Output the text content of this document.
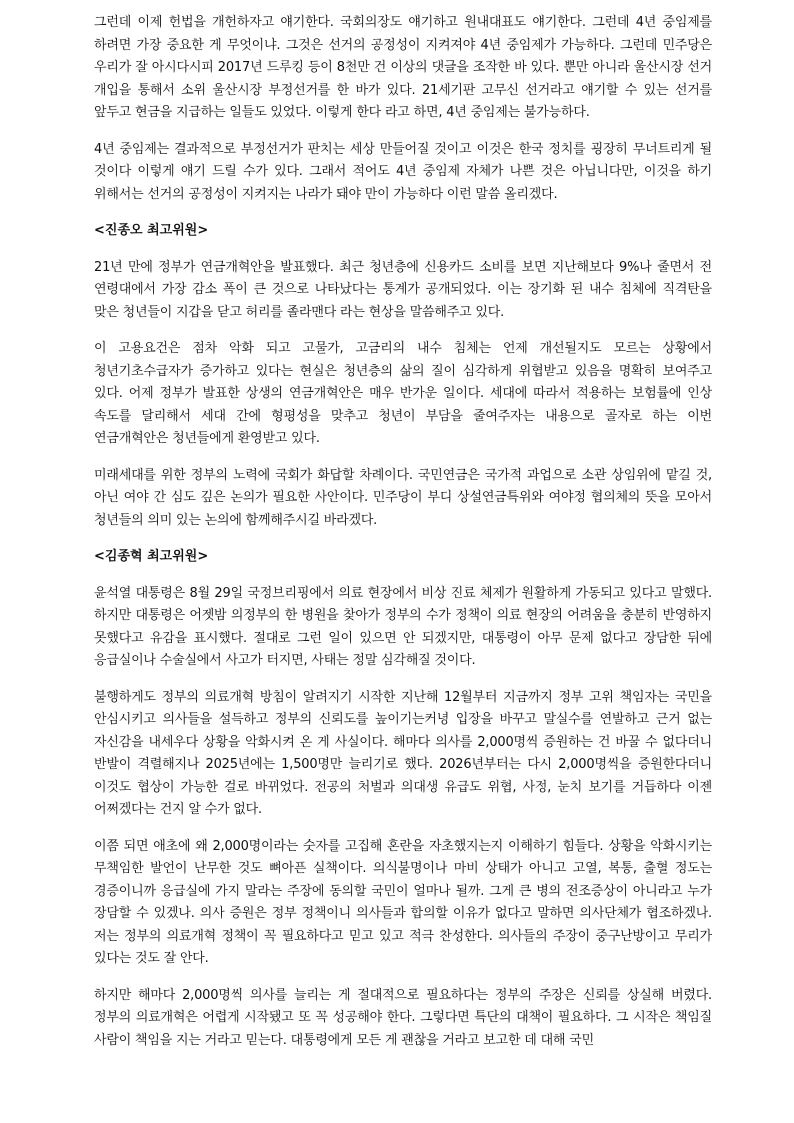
그런데 이제 헌법을 개헌하자고 얘기한다. 국회의장도 얘기하고 원내대표도 얘기한다. 그런데 4년 중임제를 하려면 가장 중요한 게 무엇이냐. 그것은 선거의 공정성이 지켜져야 4년 중임제가 가능하다. 그런데 민주당은 우리가 잘 아시다시피 2017년 드루킹 등이 8천만 건 이상의 댓글을 조작한 바 있다. 뿐만 아니라 울산시장 선거 개입을 통해서 소위 울산시장 부정선거를 한 바가 있다. 21세기판 고무신 선거라고 얘기할 수 있는 선거를 앞두고 현금을 지급하는 일들도 있었다. 이렇게 한다 라고 하면, 4년 중임제는 불가능하다.

4년 중임제는 결과적으로 부정선거가 판치는 세상 만들어질 것이고 이것은 한국 정치를 굉장히 무너트리게 될 것이다 이렇게 얘기 드릴 수가 있다. 그래서 적어도 4년 중임제 자체가 나쁜 것은 아닙니다만, 이것을 하기 위해서는 선거의 공정성이 지켜지는 나라가 돼야 만이 가능하다 이런 말씀 올리겠다.

<진종오 최고위원>

21년 만에 정부가 연금개혁안을 발표했다. 최근 청년층에 신용카드 소비를 보면 지난해보다 9%나 줄면서 전 연령대에서 가장 감소 폭이 큰 것으로 나타났다는 통계가 공개되었다. 이는 장기화 된 내수 침체에 직격탄을 맞은 청년들이 지갑을 닫고 허리를 졸라맨다 라는 현상을 말씀해주고 있다.

이 고용요건은 점차 악화 되고 고물가, 고금리의 내수 침체는 언제 개선될지도 모르는 상황에서 청년기초수급자가 증가하고 있다는 현실은 청년층의 삶의 질이 심각하게 위협받고 있음을 명확히 보여주고 있다. 어제 정부가 발표한 상생의 연금개혁안은 매우 반가운 일이다. 세대에 따라서 적용하는 보험률에 인상 속도를 달리해서 세대 간에 형평성을 맞추고 청년이 부담을 줄여주자는 내용으로 골자로 하는 이번 연금개혁안은 청년들에게 환영받고 있다.

미래세대를 위한 정부의 노력에 국회가 화답할 차례이다. 국민연금은 국가적 과업으로 소관 상임위에 맡길 것, 아닌 여야 간 심도 깊은 논의가 필요한 사안이다. 민주당이 부디 상설연금특위와 여야정 협의체의 뜻을 모아서 청년들의 의미 있는 논의에 함께해주시길 바라겠다.

<김종혁 최고위원>

윤석열 대통령은 8월 29일 국정브리핑에서 의료 현장에서 비상 진료 체제가 원활하게 가동되고 있다고 말했다. 하지만 대통령은 어젯밤 의정부의 한 병원을 찾아가 정부의 수가 정책이 의료 현장의 어려움을 충분히 반영하지 못했다고 유감을 표시했다. 절대로 그런 일이 있으면 안 되겠지만, 대통령이 아무 문제 없다고 장담한 뒤에 응급실이나 수술실에서 사고가 터지면, 사태는 정말 심각해질 것이다.

불행하게도 정부의 의료개혁 방침이 알려지기 시작한 지난해 12월부터 지금까지 정부 고위 책임자는 국민을 안심시키고 의사들을 설득하고 정부의 신뢰도를 높이기는커녕 입장을 바꾸고 말실수를 연발하고 근거 없는 자신감을 내세우다 상황을 악화시켜 온 게 사실이다. 해마다 의사를 2,000명씩 증원하는 건 바꿀 수 없다더니 반발이 격렬해지나 2025년에는 1,500명만 늘리기로 했다. 2026년부터는 다시 2,000명씩을 증원한다더니 이것도 협상이 가능한 걸로 바뀌었다. 전공의 처벌과 의대생 유급도 위협, 사정, 눈치 보기를 거듭하다 이젠 어쩌겠다는 건지 알 수가 없다.

이쯤 되면 애초에 왜 2,000명이라는 숫자를 고집해 혼란을 자초했지는지 이해하기 힘들다. 상황을 악화시키는 무책임한 발언이 난무한 것도 뼈아픈 실책이다. 의식불명이나 마비 상태가 아니고 고열, 복통, 출혈 정도는 경증이니까 응급실에 가지 말라는 주장에 동의할 국민이 얼마나 될까. 그게 큰 병의 전조증상이 아니라고 누가 장담할 수 있겠나. 의사 증원은 정부 정책이니 의사들과 합의할 이유가 없다고 말하면 의사단체가 협조하겠나. 저는 정부의 의료개혁 정책이 꼭 필요하다고 믿고 있고 적극 찬성한다. 의사들의 주장이 중구난방이고 무리가 있다는 것도 잘 안다.

하지만 해마다 2,000명씩 의사를 늘리는 게 절대적으로 필요하다는 정부의 주장은 신뢰를 상실해 버렸다. 정부의 의료개혁은 어렵게 시작됐고 또 꼭 성공해야 한다. 그렇다면 특단의 대책이 필요하다. 그 시작은 책임질 사람이 책임을 지는 거라고 믿는다. 대통령에게 모든 게 괜찮을 거라고 보고한 데 대해 국민
